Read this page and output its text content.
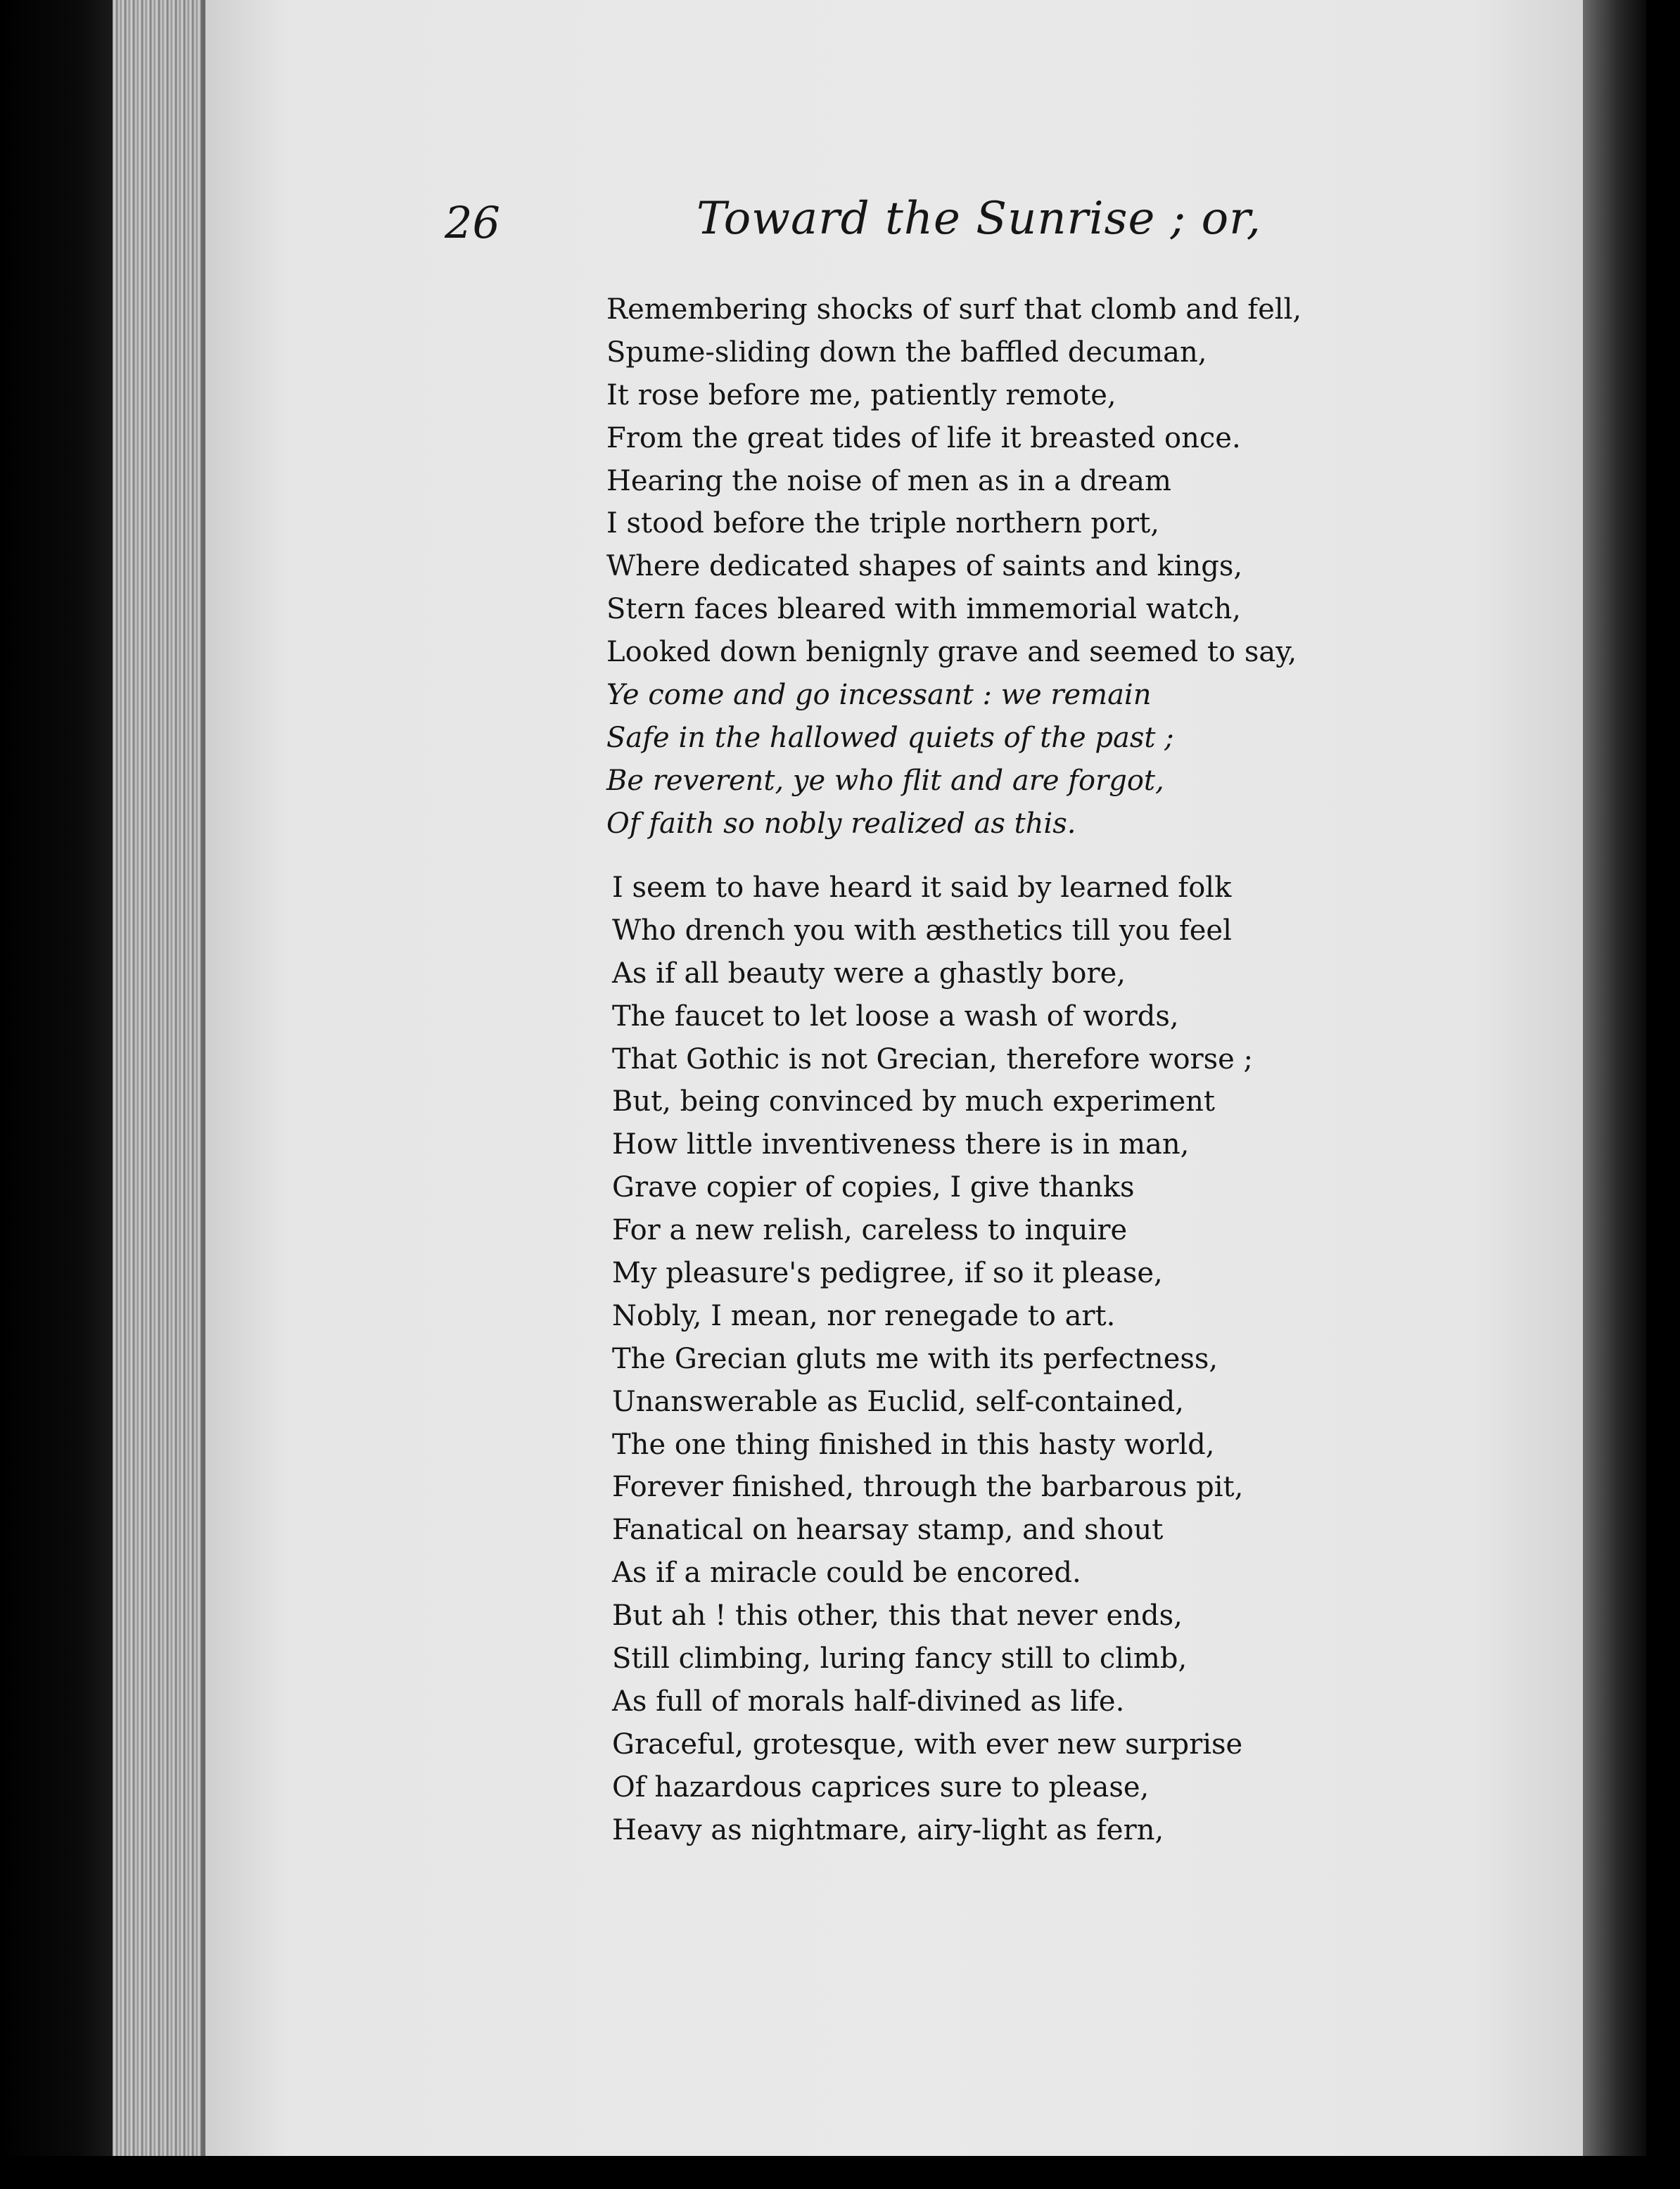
26	Toward the Sunrise ; or,
Remembering shocks of surf that clomb and fell,
Spume-sliding down the baffled decuman,
It rose before me, patiently remote,
From the great tides of life it breasted once.
Hearing the noise of men as in a dream
I stood before the triple northern port,
Where dedicated shapes of saints and kings,
Stern faces bleared with immemorial watch,
Looked down benignly grave and seemed to say,
Ye come and go incessant : we remain
Safe in the hallowed quiets of the past ;
Be reverent, ye who flit and are forgot,
Of faith so nobly realized as this.
I seem to have heard it said by learned folk
Who drench you with æsthetics till you feel
As if all beauty were a ghastly bore,
The faucet to let loose a wash of words,
That Gothic is not Grecian, therefore worse ;
But, being convinced by much experiment
How little inventiveness there is in man,
Grave copier of copies, I give thanks
For a new relish, careless to inquire
My pleasure's pedigree, if so it please,
Nobly, I mean, nor renegade to art.
The Grecian gluts me with its perfectness,
Unanswerable as Euclid, self-contained,
The one thing finished in this hasty world,
Forever finished, through the barbarous pit,
Fanatical on hearsay stamp, and shout
As if a miracle could be encored.
But ah ! this other, this that never ends,
Still climbing, luring fancy still to climb,
As full of morals half-divined as life.
Graceful, grotesque, with ever new surprise
Of hazardous caprices sure to please,
Heavy as nightmare, airy-light as fern,
